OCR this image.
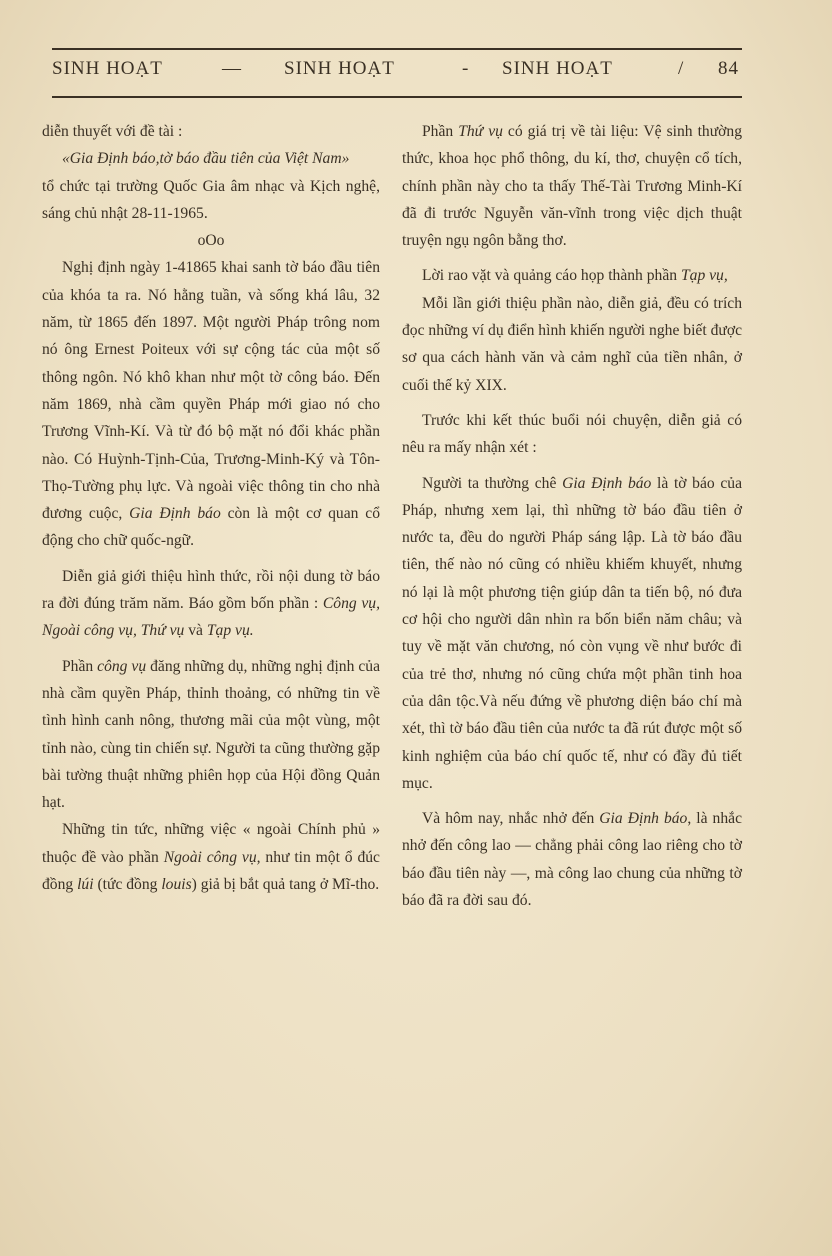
SINH HOẠT	— SINH HOẠT	- SINH HOẠT	/ 84

diễn thuyết với đề tài :

«Gia Định báo,tờ báo đầu tiên của Việt Nam»

tổ chức tại trường Quốc Gia âm nhạc và Kịch nghệ, sáng chủ nhật 28-11-1965.

oOo

Nghị định ngày 1-41865 khai sanh tờ báo đầu tiên của khóa ta ra. Nó hằng tuần, và sống khá lâu, 32 năm, từ 1865 đến 1897. Một người Pháp trông nom nó ông Ernest Poiteux với sự cộng tác của một số thông ngôn. Nó khô khan như một tờ công báo. Đến năm 1869, nhà cầm quyền Pháp mới giao nó cho Trương Vĩnh-Kí. Và từ đó bộ mặt nó đổi khác phần nào. Có Huỳnh-Tịnh-Của, Trương-Minh-Ký và Tôn-Thọ-Tường phụ lực. Và ngoài việc thông tin cho nhà đương cuộc, Gia Định báo còn là một cơ quan cổ động cho chữ quốc-ngữ.

Diễn giả giới thiệu hình thức, rồi nội dung tờ báo ra đời đúng trăm năm. Báo gồm bốn phần : Công vụ, Ngoài công vụ, Thứ vụ và Tạp vụ.

Phần công vụ đăng những dụ, những nghị định của nhà cầm quyền Pháp, thỉnh thoảng, có những tin về tình hình canh nông, thương mãi của một vùng, một tỉnh nào, cùng tin chiến sự. Người ta cũng thường gặp bài tường thuật những phiên họp của Hội đồng Quản hạt.

Những tin tức, những việc « ngoài Chính phủ » thuộc đề vào phần Ngoài công vụ, như tin một ổ đúc đồng lúi (tức đồng louis) giả bị bắt quả tang ở Mĩ-tho.

Phần Thứ vụ có giá trị về tài liệu: Vệ sinh thường thức, khoa học phổ thông, du kí, thơ, chuyện cổ tích, chính phần này cho ta thấy Thế-Tài Trương Minh-Kí đã đi trước Nguyễn văn-vĩnh trong việc dịch thuật truyện ngụ ngôn bằng thơ.

Lời rao vặt và quảng cáo họp thành phần Tạp vụ,

Mỗi lần giới thiệu phần nào, diễn giả, đều có trích đọc những ví dụ điển hình khiến người nghe biết được sơ qua cách hành văn và cảm nghĩ của tiền nhân, ở cuối thế kỷ XIX.

Trước khi kết thúc buổi nói chuyện, diễn giả có nêu ra mấy nhận xét :

Người ta thường chê Gia Định báo là tờ báo của Pháp, nhưng xem lại, thì những tờ báo đầu tiên ở nước ta, đều do người Pháp sáng lập. Là tờ báo đầu tiên, thế nào nó cũng có nhiều khiếm khuyết, nhưng nó lại là một phương tiện giúp dân ta tiến bộ, nó đưa cơ hội cho người dân nhìn ra bốn biển năm châu; và tuy về mặt văn chương, nó còn vụng về như bước đi của trẻ thơ, nhưng nó cũng chứa một phần tinh hoa của dân tộc.Và nếu đứng về phương diện báo chí mà xét, thì tờ báo đầu tiên của nước ta đã rút được một số kinh nghiệm của báo chí quốc tế, như có đầy đủ tiết mục.

Và hôm nay, nhắc nhở đến Gia Định báo, là nhắc nhở đến công lao — chẳng phải công lao riêng cho tờ báo đầu tiên này —, mà công lao chung của những tờ báo đã ra đời sau đó.
